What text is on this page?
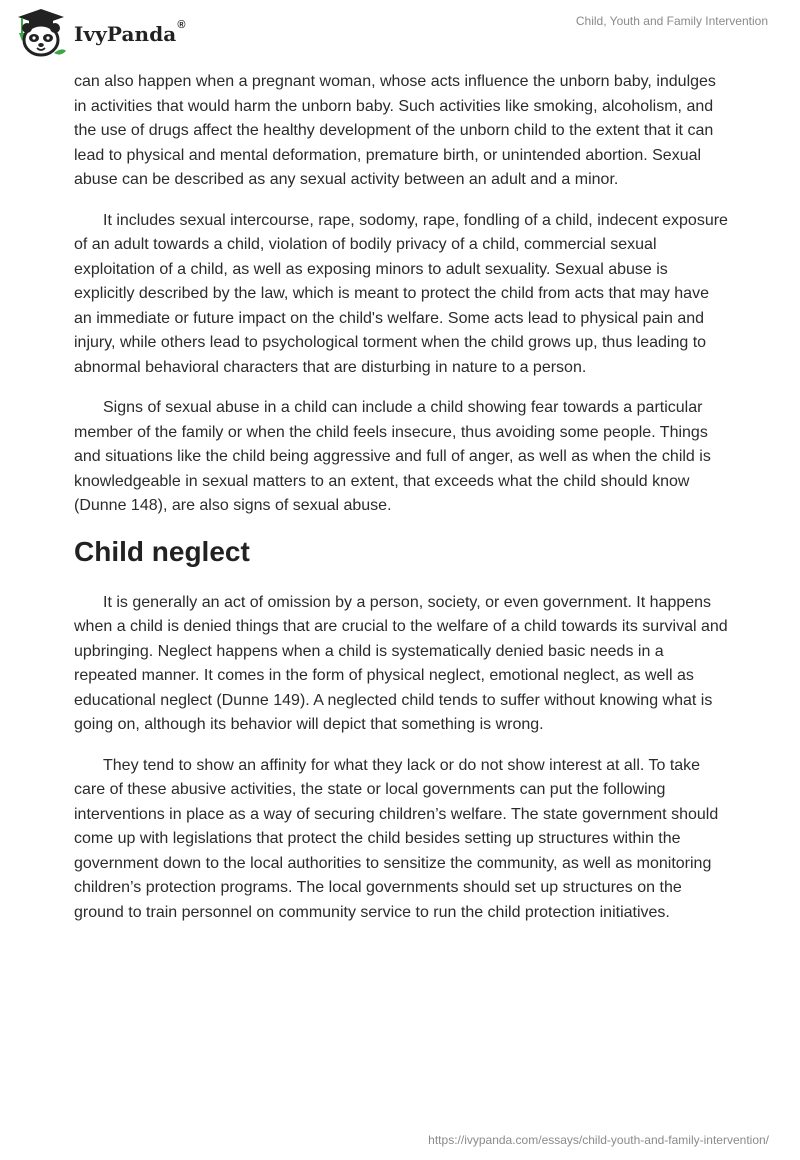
IvyPanda®	Child, Youth and Family Intervention

can also happen when a pregnant woman, whose acts influence the unborn baby, indulges in activities that would harm the unborn baby. Such activities like smoking, alcoholism, and the use of drugs affect the healthy development of the unborn child to the extent that it can lead to physical and mental deformation, premature birth, or unintended abortion. Sexual abuse can be described as any sexual activity between an adult and a minor.

It includes sexual intercourse, rape, sodomy, rape, fondling of a child, indecent exposure of an adult towards a child, violation of bodily privacy of a child, commercial sexual exploitation of a child, as well as exposing minors to adult sexuality. Sexual abuse is explicitly described by the law, which is meant to protect the child from acts that may have an immediate or future impact on the child's welfare. Some acts lead to physical pain and injury, while others lead to psychological torment when the child grows up, thus leading to abnormal behavioral characters that are disturbing in nature to a person.

Signs of sexual abuse in a child can include a child showing fear towards a particular member of the family or when the child feels insecure, thus avoiding some people. Things and situations like the child being aggressive and full of anger, as well as when the child is knowledgeable in sexual matters to an extent, that exceeds what the child should know (Dunne 148), are also signs of sexual abuse.

Child neglect

It is generally an act of omission by a person, society, or even government. It happens when a child is denied things that are crucial to the welfare of a child towards its survival and upbringing. Neglect happens when a child is systematically denied basic needs in a repeated manner. It comes in the form of physical neglect, emotional neglect, as well as educational neglect (Dunne 149). A neglected child tends to suffer without knowing what is going on, although its behavior will depict that something is wrong.

They tend to show an affinity for what they lack or do not show interest at all. To take care of these abusive activities, the state or local governments can put the following interventions in place as a way of securing children’s welfare. The state government should come up with legislations that protect the child besides setting up structures within the government down to the local authorities to sensitize the community, as well as monitoring children’s protection programs. The local governments should set up structures on the ground to train personnel on community service to run the child protection initiatives.

https://ivypanda.com/essays/child-youth-and-family-intervention/
